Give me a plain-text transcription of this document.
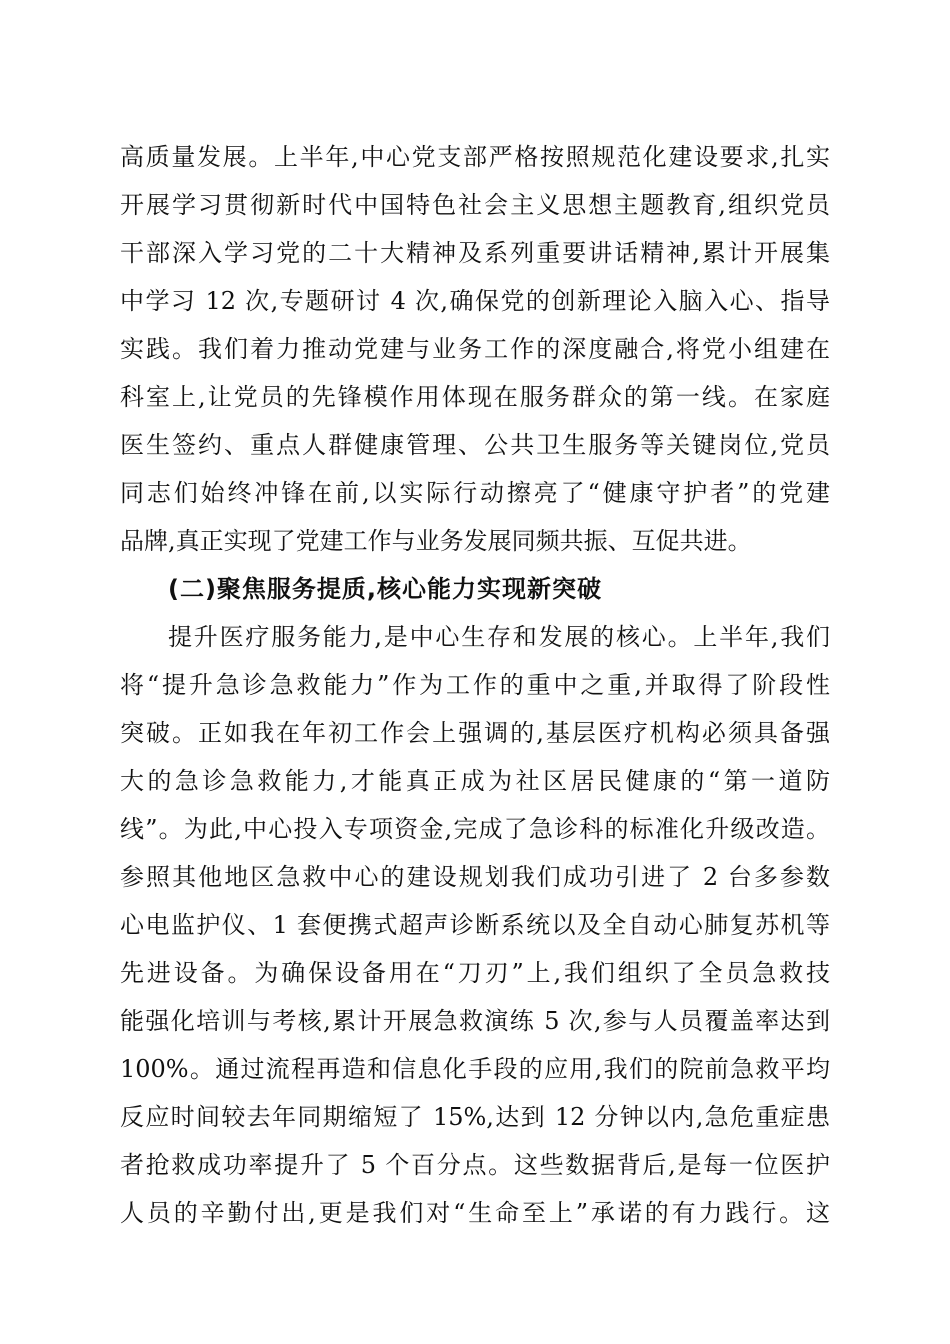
高质量发展。上半年,中心党支部严格按照规范化建设要求,扎实
开展学习贯彻新时代中国特色社会主义思想主题教育,组织党员
干部深入学习党的二十大精神及系列重要讲话精神,累计开展集
中学习 12 次,专题研讨 4 次,确保党的创新理论入脑入心、指导
实践。我们着力推动党建与业务工作的深度融合,将党小组建在
科室上,让党员的先锋模作用体现在服务群众的第一线。在家庭
医生签约、重点人群健康管理、公共卫生服务等关键岗位,党员
同志们始终冲锋在前,以实际行动擦亮了“健康守护者”的党建
品牌,真正实现了党建工作与业务发展同频共振、互促共进。
(二)聚焦服务提质,核心能力实现新突破
提升医疗服务能力,是中心生存和发展的核心。上半年,我们
将“提升急诊急救能力”作为工作的重中之重,并取得了阶段性
突破。正如我在年初工作会上强调的,基层医疗机构必须具备强
大的急诊急救能力,才能真正成为社区居民健康的“第一道防
线”。为此,中心投入专项资金,完成了急诊科的标准化升级改造。
参照其他地区急救中心的建设规划我们成功引进了 2 台多参数
心电监护仪、1 套便携式超声诊断系统以及全自动心肺复苏机等
先进设备。为确保设备用在“刀刃”上,我们组织了全员急救技
能强化培训与考核,累计开展急救演练 5 次,参与人员覆盖率达到
100%。通过流程再造和信息化手段的应用,我们的院前急救平均
反应时间较去年同期缩短了 15%,达到 12 分钟以内,急危重症患
者抢救成功率提升了 5 个百分点。这些数据背后,是每一位医护
人员的辛勤付出,更是我们对“生命至上”承诺的有力践行。这
